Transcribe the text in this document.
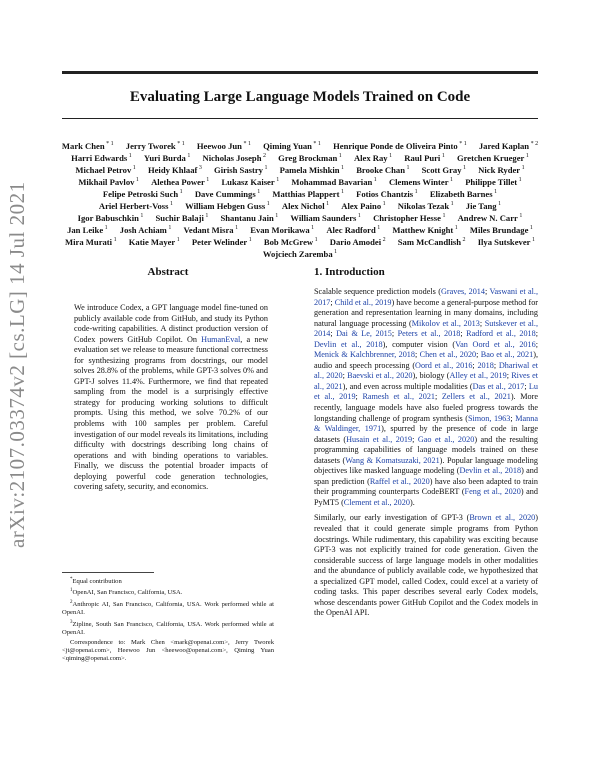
Evaluating Large Language Models Trained on Code
Mark Chen $^{* 1}$ Jerry Tworek $^{* 1}$ Heewoo Jun $^{* 1}$ Qiming Yuan $^{* 1}$ Henrique Ponde de Oliveira Pinto $^{* 1}$ Jared Kaplan $^{* 2}$ Harri Edwards $^1$ Yuri Burda $^1$ Nicholas Joseph $^2$ Greg Brockman $^1$ Alex Ray $^1$ Raul Puri $^1$ Gretchen Krueger $^1$ Michael Petrov $^1$ Heidy Khlaaf $^3$ Girish Sastry $^1$ Pamela Mishkin $^1$ Brooke Chan $^1$ Scott Gray $^1$ Nick Ryder $^1$ Mikhail Pavlov $^1$ Alethea Power $^1$ Lukasz Kaiser $^1$ Mohammad Bavarian $^1$ Clemens Winter $^1$ Philippe Tillet $^1$ Felipe Petroski Such $^1$ Dave Cummings $^1$ Matthias Plappert $^1$ Fotios Chantzis $^1$ Elizabeth Barnes $^1$ Ariel Herbert-Voss $^1$ William Hebgen Guss $^1$ Alex Nichol $^1$ Alex Paino $^1$ Nikolas Tezak $^1$ Jie Tang $^1$ Igor Babuschkin $^1$ Suchir Balaji $^1$ Shantanu Jain $^1$ William Saunders $^1$ Christopher Hesse $^1$ Andrew N. Carr $^1$ Jan Leike $^1$ Josh Achiam $^1$ Vedant Misra $^1$ Evan Morikawa $^1$ Alec Radford $^1$ Matthew Knight $^1$ Miles Brundage $^1$ Mira Murati $^1$ Katie Mayer $^1$ Peter Welinder $^1$ Bob McGrew $^1$ Dario Amodei $^2$ Sam McCandlish $^2$ Ilya Sutskever $^1$ Wojciech Zaremba $^1$
arXiv:2107.03374v2 [cs.LG] 14 Jul 2021	Abstract
We introduce Codex, a GPT language model fine-tuned on publicly available code from GitHub, and study its Python code-writing capabilities. A distinct production version of Codex powers GitHub Copilot. On HumanEval, a new evaluation set we release to measure functional correctness for synthesizing programs from docstrings, our model solves 28.8% of the problems, while GPT-3 solves 0% and GPT-J solves 11.4%. Furthermore, we find that repeated sampling from the model is a surprisingly effective strategy for producing working solutions to difficult prompts. Using this method, we solve 70.2% of our problems with 100 samples per problem. Careful investigation of our model reveals its limitations, including difficulty with docstrings describing long chains of operations and with binding operations to variables. Finally, we discuss the potential broader impacts of deploying powerful code generation technologies, covering safety, security, and economics.
1. Introduction

Scalable sequence prediction models (Graves, 2014; Vaswani et al., 2017; Child et al., 2019) have become a general-purpose method for generation and representation learning in many domains, including natural language processing (Mikolov et al., 2013; Sutskever et al., 2014; Dai & Le, 2015; Peters et al., 2018; Radford et al., 2018; Devlin et al., 2018), computer vision (Van Oord et al., 2016; Menick & Kalchbrenner, 2018; Chen et al., 2020; Bao et al., 2021), audio and speech processing (Oord et al., 2016; 2018; Dhariwal et al., 2020; Baevski et al., 2020), biology (Alley et al., 2019; Rives et al., 2021), and even across multiple modalities (Das et al., 2017; Lu et al., 2019; Ramesh et al., 2021; Zellers et al., 2021). More recently, language models have also fueled progress towards the longstanding challenge of program synthesis (Simon, 1963; Manna & Waldinger, 1971), spurred by the presence of code in large datasets (Husain et al., 2019; Gao et al., 2020) and the resulting programming capabilities of language models trained on these datasets (Wang & Komatsuzaki, 2021). Popular language modeling objectives like masked language modeling (Devlin et al., 2018) and span prediction (Raffel et al., 2020) have also been adapted to train their programming counterparts CodeBERT (Feng et al., 2020) and PyMT5 (Clement et al., 2020).

Similarly, our early investigation of GPT-3 (Brown et al., 2020) revealed that it could generate simple programs from Python docstrings. While rudimentary, this capability was exciting because GPT-3 was not explicitly trained for code generation. Given the considerable success of large language models in other modalities and the abundance of publicly available code, we hypothesized that a specialized GPT model, called Codex, could excel at a variety of coding tasks. This paper describes several early Codex models, whose descendants power GitHub Copilot and the Codex models in the OpenAI API.

*Equal contribution

$^1$OpenAI, San Francisco, California, USA.

$^2$Anthropic AI, San Francisco, California, USA. Work performed while at OpenAI.

$^3$Zipline, South San Francisco, California, USA. Work performed while at OpenAI.

Correspondence to: Mark Chen <mark@openai.com>, Jerry Tworek <jt@openai.com>, Heewoo Jun <heewoo@openai.com>, Qiming Yuan <qiming@openai.com>.
